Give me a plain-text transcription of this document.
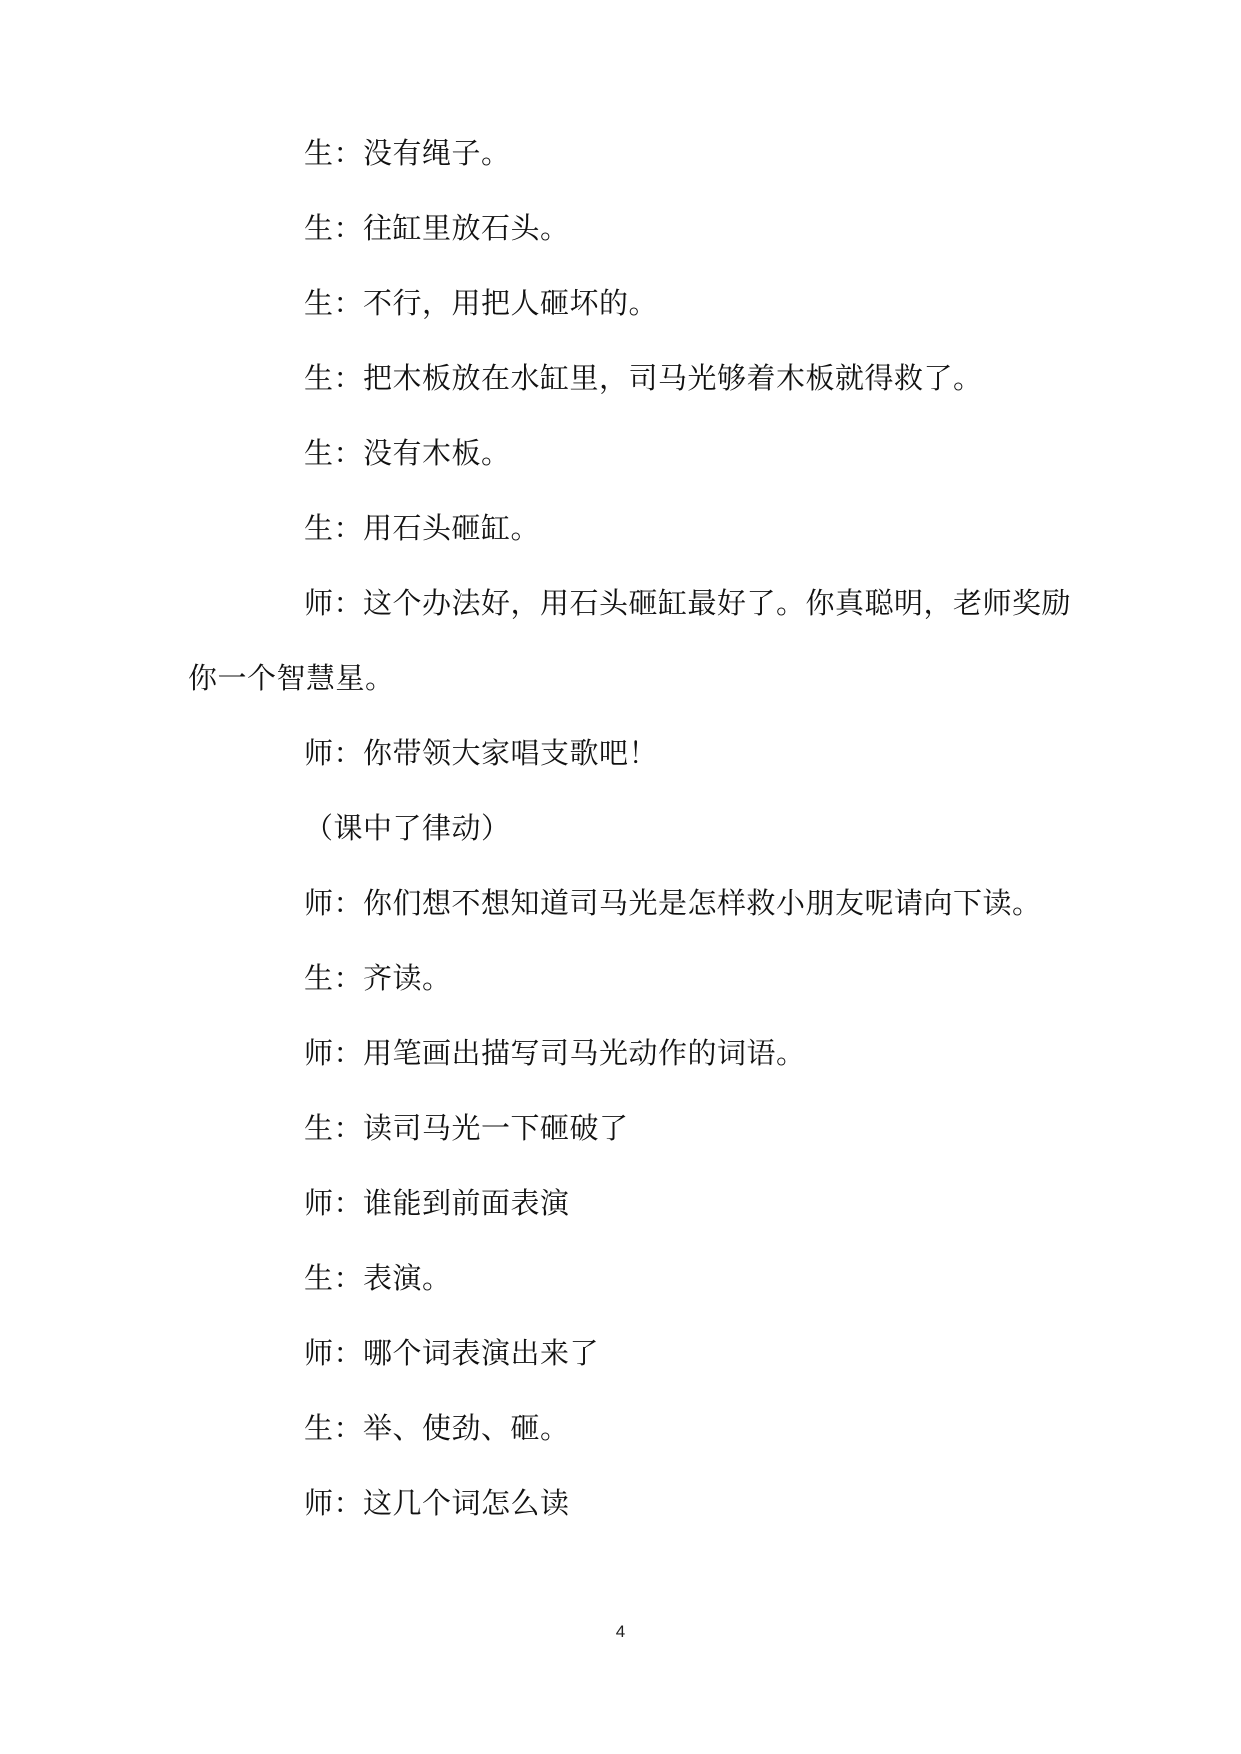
生：没有绳子。
生：往缸里放石头。
生：不行，用把人砸坏的。
生：把木板放在水缸里，司马光够着木板就得救了。
生：没有木板。
生：用石头砸缸。
师：这个办法好，用石头砸缸最好了。你真聪明，老师奖励
你一个智慧星。
师：你带领大家唱支歌吧！
（课中了律动）
师：你们想不想知道司马光是怎样救小朋友呢请向下读。
生：齐读。
师：用笔画出描写司马光动作的词语。
生：读司马光一下砸破了
师：谁能到前面表演
生：表演。
师：哪个词表演出来了
生：举、使劲、砸。
师：这几个词怎么读
4
